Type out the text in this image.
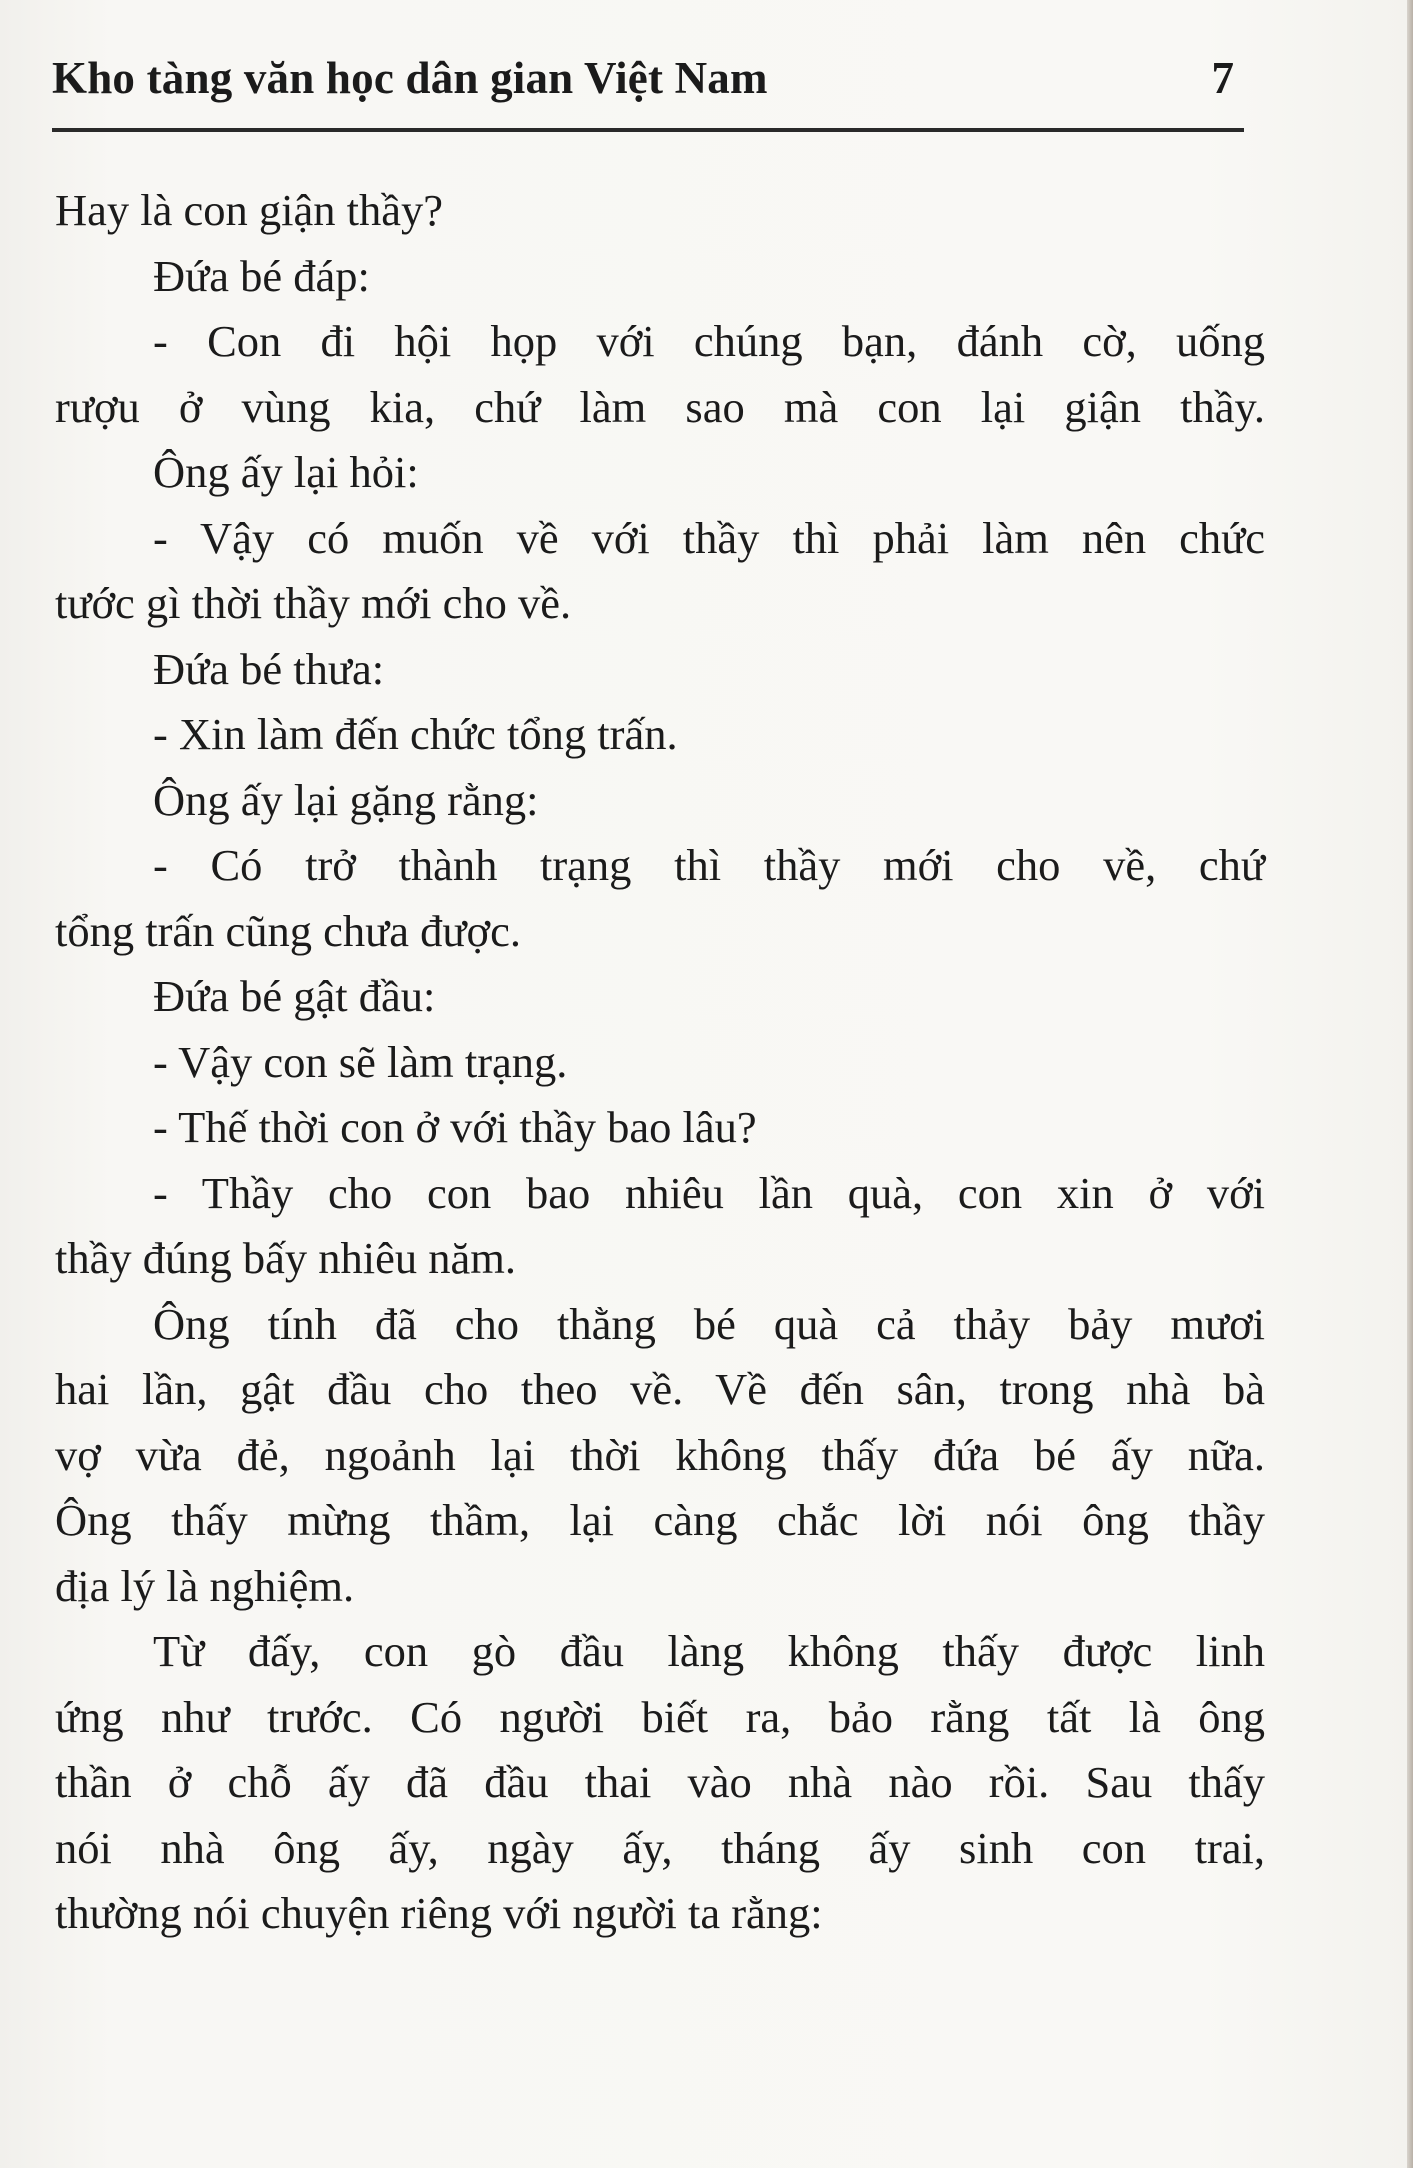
Kho tàng văn học dân gian Việt Nam	7
Hay là con giận thầy?
Đứa bé đáp:
- Con đi hội họp với chúng bạn, đánh cờ, uống
rượu ở vùng kia, chứ làm sao mà con lại giận thầy.
Ông ấy lại hỏi:
- Vậy có muốn về với thầy thì phải làm nên chức
tước gì thời thầy mới cho về.
Đứa bé thưa:
- Xin làm đến chức tổng trấn.
Ông ấy lại gặng rằng:
- Có trở thành trạng thì thầy mới cho về, chứ
tổng trấn cũng chưa được.
Đứa bé gật đầu:
- Vậy con sẽ làm trạng.
- Thế thời con ở với thầy bao lâu?
- Thầy cho con bao nhiêu lần quà, con xin ở với
thầy đúng bấy nhiêu năm.
Ông tính đã cho thằng bé quà cả thảy bảy mươi
hai lần, gật đầu cho theo về. Về đến sân, trong nhà bà
vợ vừa đẻ, ngoảnh lại thời không thấy đứa bé ấy nữa.
Ông thấy mừng thầm, lại càng chắc lời nói ông thầy
địa lý là nghiệm.
Từ đấy, con gò đầu làng không thấy được linh
ứng như trước. Có người biết ra, bảo rằng tất là ông
thần ở chỗ ấy đã đầu thai vào nhà nào rồi. Sau thấy
nói nhà ông ấy, ngày ấy, tháng ấy sinh con trai,
thường nói chuyện riêng với người ta rằng:
